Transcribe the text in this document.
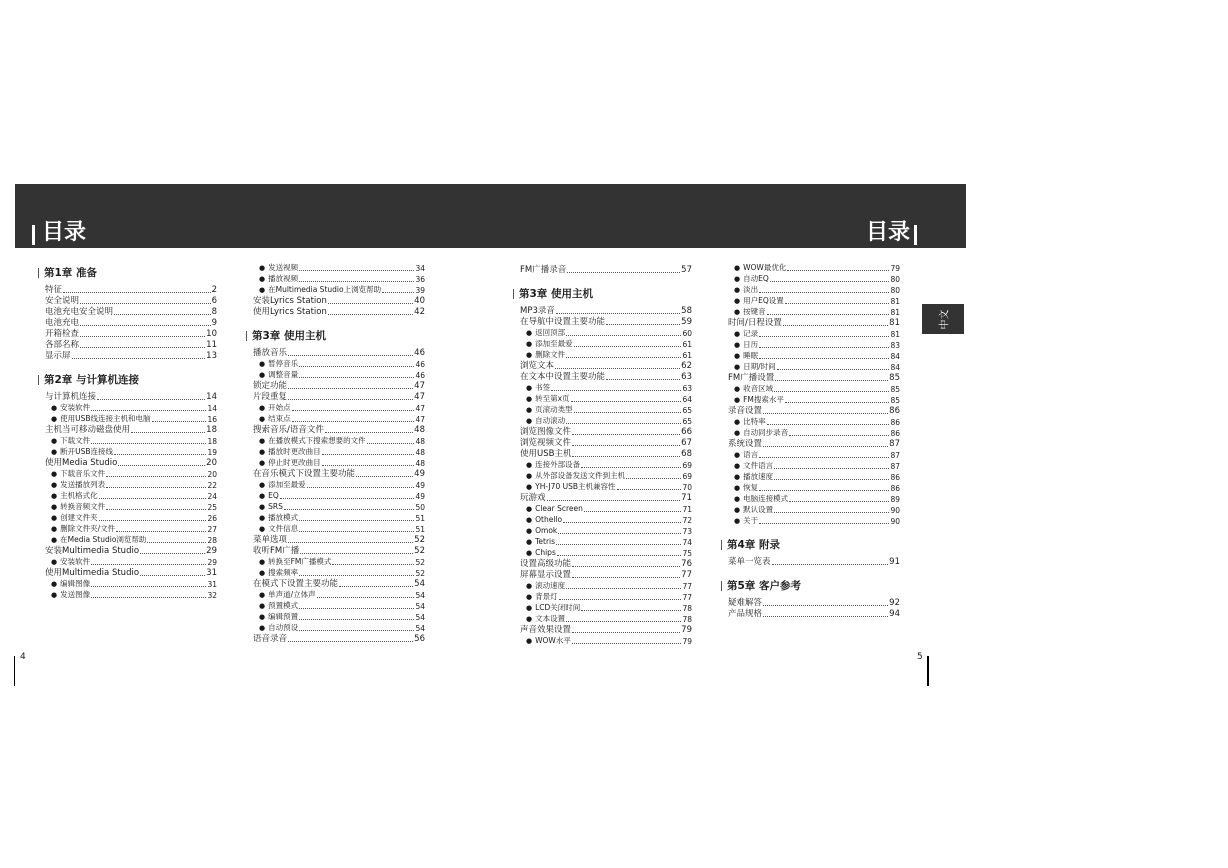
目录	目录
第1章 准备
特征	2
安全说明	6
电池充电安全说明	8
电池充电	9
开箱检查	10
各部名称	11
显示屏	13
第2章 与计算机连接
与计算机连接	14
● 安装软件	14
● 使用USB线连接主机和电脑	16
主机当可移动磁盘使用	18
● 下载文件	18
● 断开USB连接线	19
使用Media Studio	20
● 下载音乐文件	20
● 发送播放列表	22
● 主机格式化	24
● 转换音频文件	25
● 创建文件夹	26
● 删除文件夹/文件	27
● 在Media Studio浏览帮助	28
安装Multimedia Studio	29
● 安装软件	29
使用Multimedia Studio	31
● 编辑图像	31
● 发送图像	32
● 发送视频	34
● 播放视频	36
● 在Multimedia Studio上浏览帮助	39
安装Lyrics Station	40
使用Lyrics Station	42
第3章 使用主机
播放音乐	46
● 暂停音乐	46
● 调整音量	46
锁定功能	47
片段重复	47
● 开始点	47
● 结束点	47
搜索音乐/语音文件	48
● 在播放模式下搜索想要的文件	48
● 播放时更改曲目	48
● 停止时更改曲目	48
在音乐模式下设置主要功能	49
● 添加至最爱	49
● EQ	49
● SRS	50
● 播放模式	51
● 文件信息	51
菜单选项	52
收听FM广播	52
● 转换至FM广播模式	52
● 搜索频率	52
在模式下设置主要功能	54
● 单声道/立体声	54
● 预置模式	54
● 编辑预置	54
● 自动预设	54
语音录音	56
FM广播录音	57
第3章 使用主机
MP3录音	58
在导航中设置主要功能	59
● 返回顶部	60
● 添加至最爱	61
● 删除文件	61
浏览文本	62
在文本中设置主要功能	63
● 书签	63
● 转至第x页	64
● 页滚动类型	65
● 自动滚动	65
浏览图像文件	66
浏览视频文件	67
使用USB主机	68
● 连接外部设备	69
● 从外部设备发送文件到主机	69
● YH-J70 USB主机兼容性	70
玩游戏	71
● Clear Screen	71
● Othello	72
● Omok	73
● Tetris	74
● Chips	75
设置高级功能	76
屏幕显示设置	77
● 滚动速度	77
● 背景灯	77
● LCD关闭时间	78
● 文本设置	78
声音效果设置	79
● WOW水平	79
● WOW最优化	79
● 自动EQ	80
● 淡出	80
● 用户EQ设置	81
● 按键音	81
时间/日程设置	81
● 记录	81
● 日历	83
● 睡眠	84
● 日期/时间	84
FM广播设置	85
● 收音区域	85
● FM搜索水平	85
录音设置	86
● 比特率	86
● 自动同步录音	86
系统设置	87
● 语言	87
● 文件语言	87
● 播放速度	86
● 恢复	86
● 电脑连接模式	89
● 默认设置	90
● 关于	90
第4章 附录
菜单一览表	91
第5章 客户参考
疑难解答	92
产品规格	94
中文
4	5
